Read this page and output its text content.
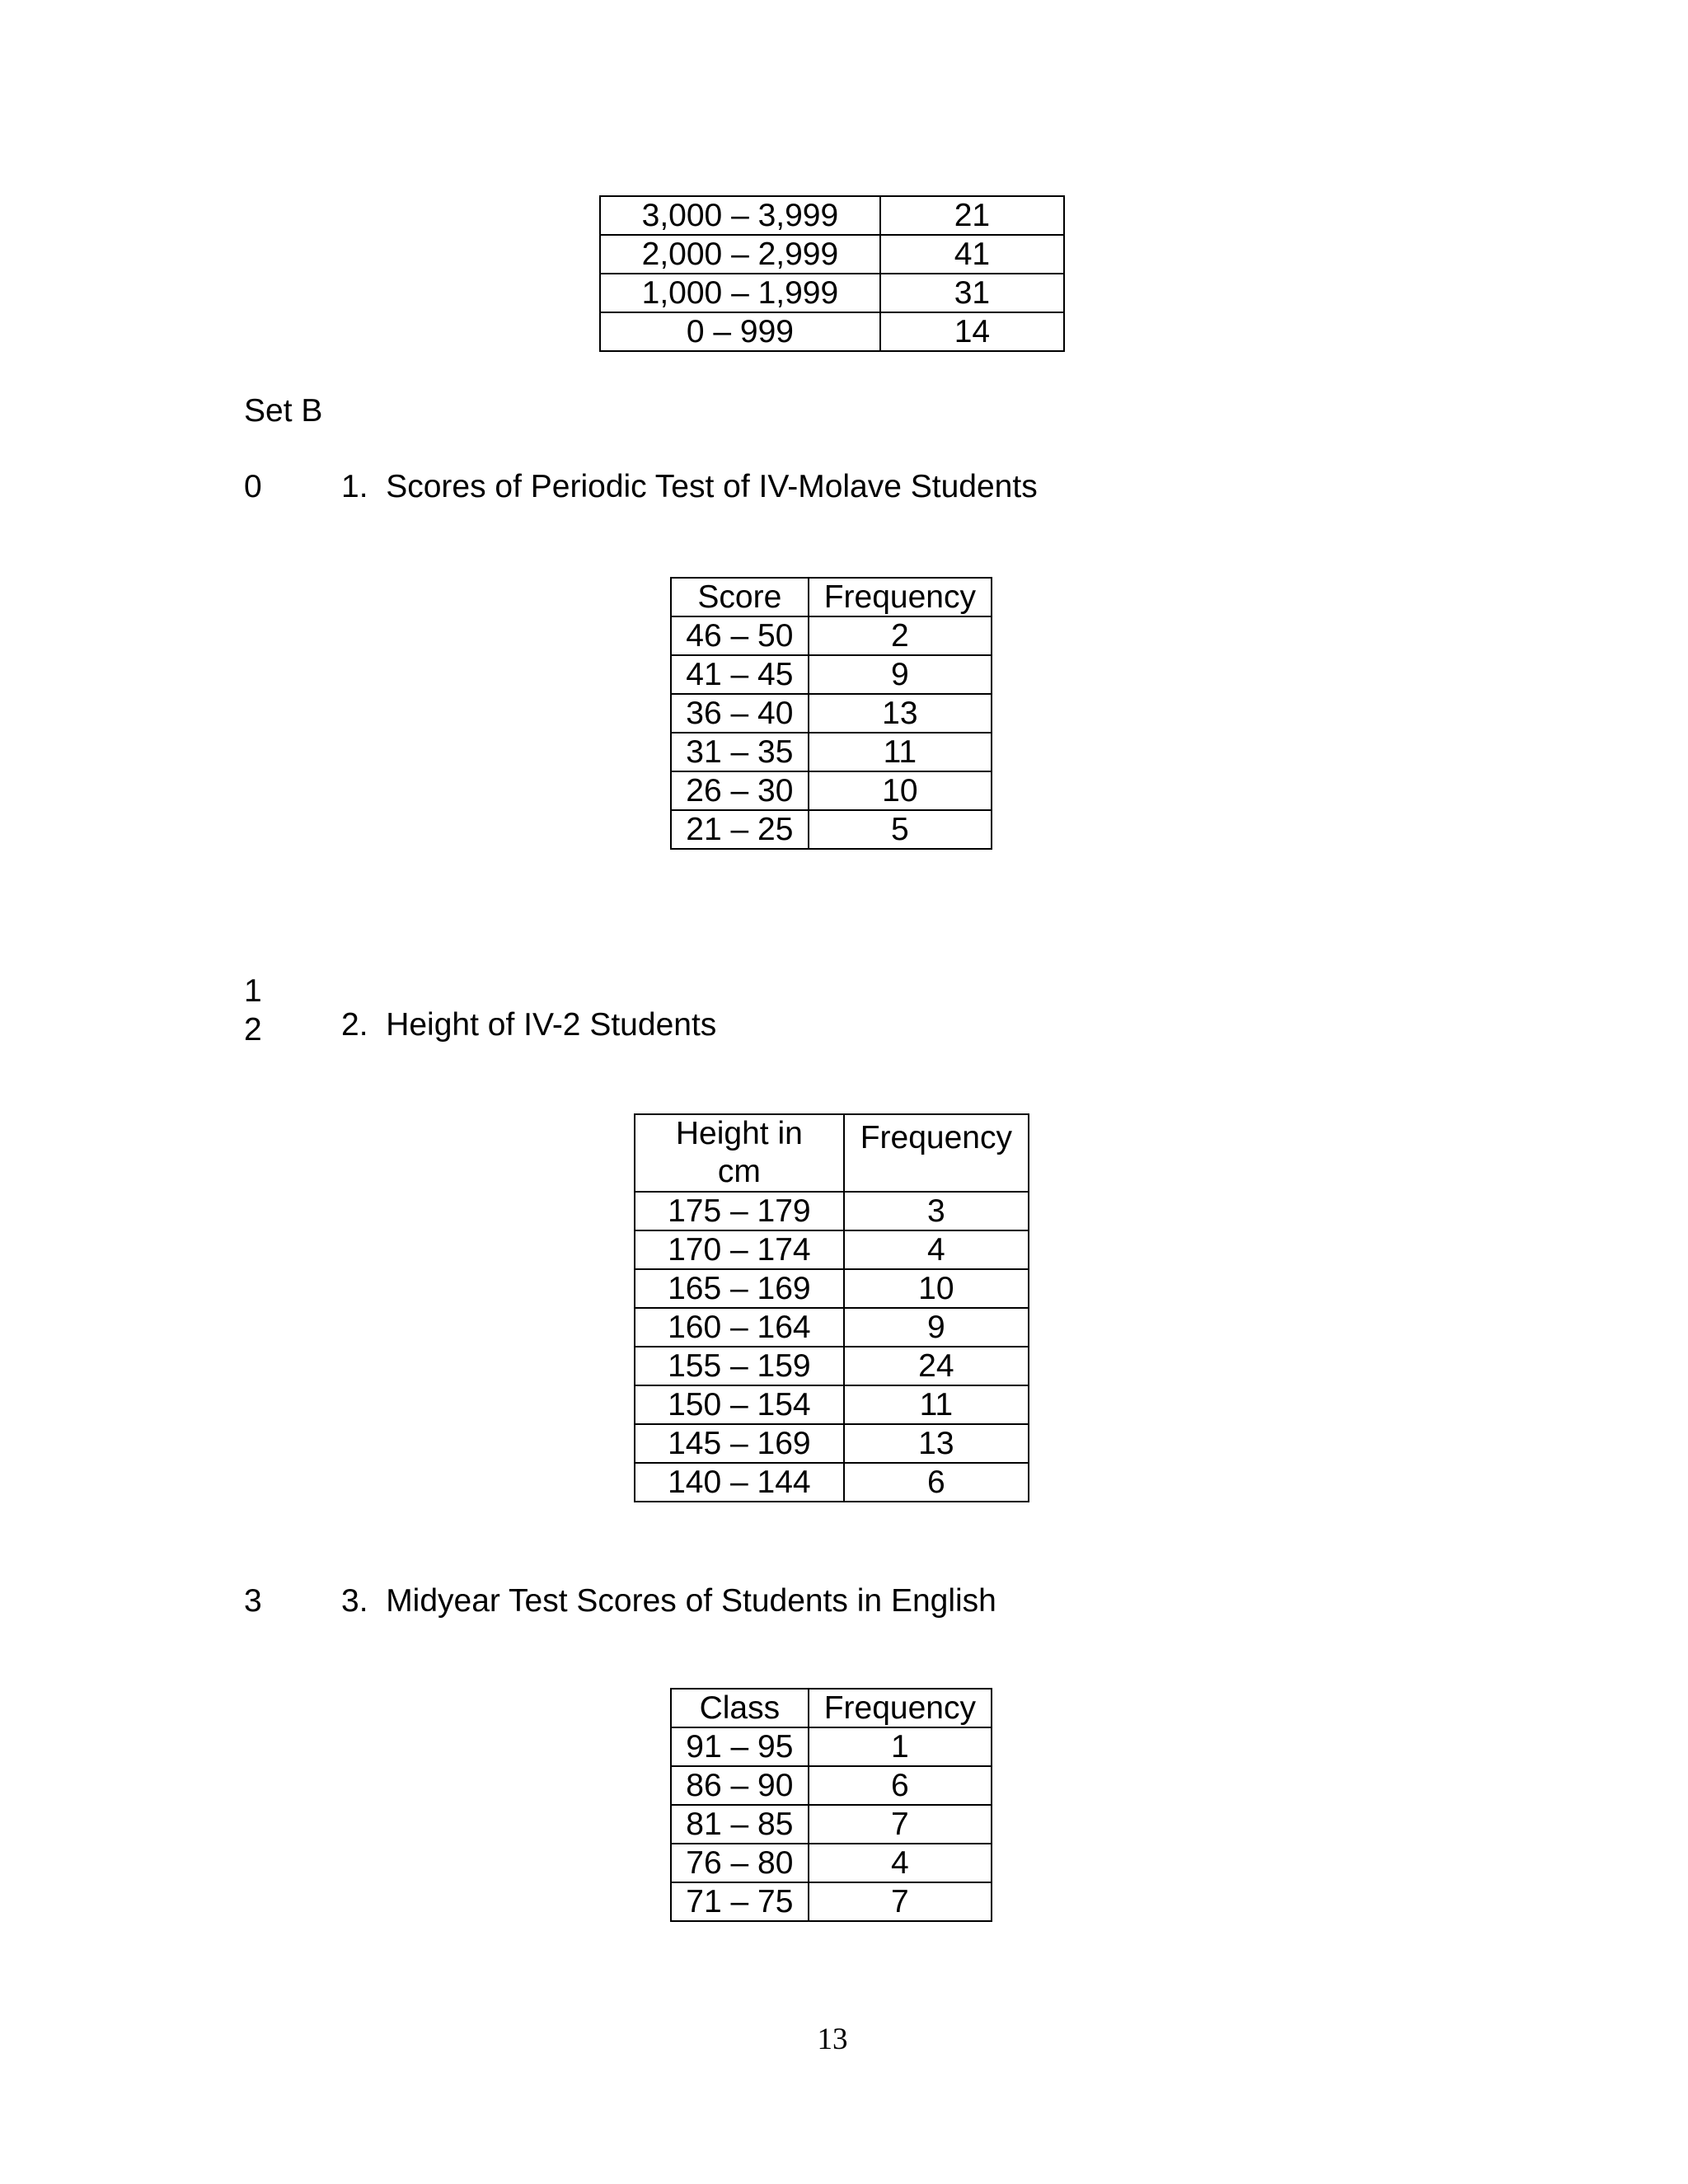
3,000 – 3,999	21
2,000 – 2,999	41
1,000 – 1,999	31
0 – 999	14
Set B
0 1.  Scores of Periodic Test of IV-Molave Students
Score	Frequency
46 – 50	2
41 – 45	9
36 – 40	13
31 – 35	11
26 – 30	10
21 – 25	5
1
2 2.  Height of IV-2 Students
Height in cm	Frequency
175 – 179	3
170 – 174	4
165 – 169	10
160 – 164	9
155 – 159	24
150 – 154	11
145 – 169	13
140 – 144	6
3 3.  Midyear Test Scores of Students in English
Class	Frequency
91 – 95	1
86 – 90	6
81 – 85	7
76 – 80	4
71 – 75	7
13
